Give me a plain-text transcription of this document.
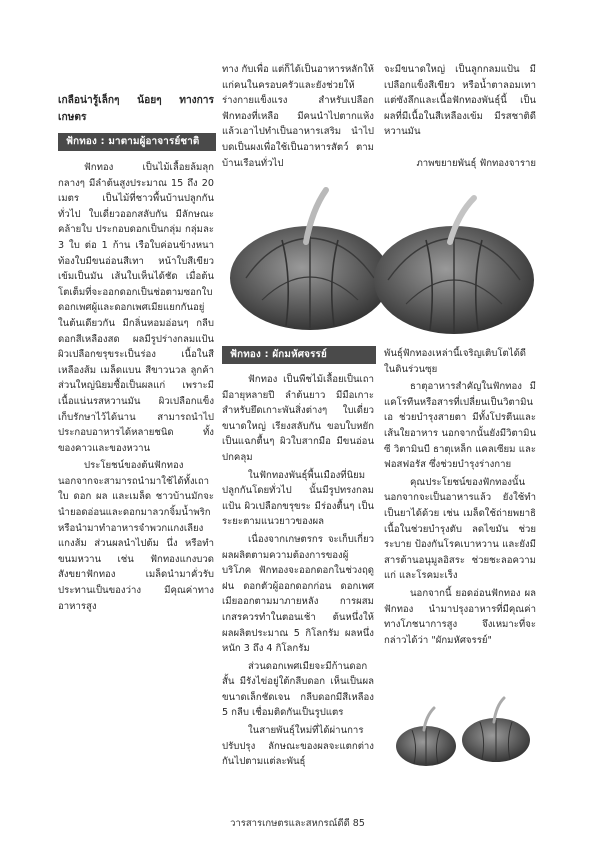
เกลือน่ารู้เล็กๆ น้อยๆ ทางการเกษตร

ฟักทอง : มาตามผู้อาจารย์ชาติ

ฟักทอง เป็นไม้เลื้อยล้มลุก กลางๆ มีลำต้นสูงประมาณ 15 ถึง 20 เมตร เป็นไม้ที่ชาวพื้นบ้านปลูกกันทั่วไป ใบเดี่ยวออกสลับกัน มีลักษณะคล้ายใบ ประกอบดอกเป็นกลุ่ม กลุ่มละ 3 ใบ ต่อ 1 ก้าน เรือใบค่อนข้างหนา ท้องใบมีขนอ่อนสีเทา หน้าใบสีเขียวเข้มเป็นมัน เส้นใบเห็นได้ชัด เมื่อต้นโตเต็มที่จะออกดอกเป็นช่อตามซอกใบ ดอกเพศผู้และดอกเพศเมียแยกกันอยู่ในต้นเดียวกัน มีกลิ่นหอมอ่อนๆ กลีบดอกสีเหลืองสด ผลมีรูปร่างกลมแป้น ผิวเปลือกขรุขระเป็นร่อง เนื้อในสีเหลืองส้ม เมล็ดแบน สีขาวนวล ลูกค้าส่วนใหญ่นิยมซื้อเป็นผลแก่ เพราะมีเนื้อแน่นรสหวานมัน ผิวเปลือกแข็ง เก็บรักษาไว้ได้นาน สามารถนำไปประกอบอาหารได้หลายชนิด ทั้งของคาวและของหวาน

ประโยชน์ของต้นฟักทอง นอกจากจะสามารถนำมาใช้ได้ทั้งเถา ใบ ดอก ผล และเมล็ด ชาวบ้านมักจะนำยอดอ่อนและดอกมาลวกจิ้มน้ำพริก หรือนำมาทำอาหารจำพวกแกงเลียง แกงส้ม ส่วนผลนำไปต้ม นึ่ง หรือทำขนมหวาน เช่น ฟักทองแกงบวด สังขยาฟักทอง เมล็ดนำมาคั่วรับประทานเป็นของว่าง มีคุณค่าทางอาหารสูง

ทาง กับเพื่อ แต่ก็ได้เป็นอาหารหลักให้แก่คนในครอบครัวและยังช่วยให้ร่างกายแข็งแรง สำหรับเปลือกฟักทองที่เหลือ มีคนนำไปตากแห้งแล้วเอาไปทำเป็นอาหารเสริม นำไปบดเป็นผงเพื่อใช้เป็นอาหารสัตว์ ตามบ้านเรือนทั่วไป

จะมีขนาดใหญ่ เป็นลูกกลมแป้น มีเปลือกแข็งสีเขียว หรือน้ำตาลอมเทา แต่ซังลึกและเนื้อฟักทองพันธุ์นี้ เป็นผลที่มีเนื้อในสีเหลืองเข้ม มีรสชาติดี หวานมัน

ภาพขยายพันธุ์ ฟักทองจาราย
ฟักทอง : ผักมหัศจรรย์

ฟักทอง เป็นพืชไม้เลื้อยเป็นเถา มีอายุหลายปี ลำต้นยาว มีมือเกาะสำหรับยึดเกาะพันสิ่งต่างๆ ใบเดี่ยวขนาดใหญ่ เรียงสลับกัน ขอบใบหยักเป็นแฉกตื้นๆ ผิวใบสากมือ มีขนอ่อนปกคลุม

ในฟักทองพันธุ์พื้นเมืองที่นิยมปลูกกันโดยทั่วไป นั้นมีรูปทรงกลมแป้น ผิวเปลือกขรุขระ มีร่องตื้นๆ เป็นระยะตามแนวยาวของผล

เนื่องจากเกษตรกร จะเก็บเกี่ยวผลผลิตตามความต้องการของผู้บริโภค ฟักทองจะออกดอกในช่วงฤดูฝน ดอกตัวผู้ออกดอกก่อน ดอกเพศเมียออกตามมาภายหลัง การผสมเกสรควรทำในตอนเช้า ต้นหนึ่งให้ผลผลิตประมาณ 5 กิโลกรัม ผลหนึ่งหนัก 3 ถึง 4 กิโลกรัม

ส่วนดอกเพศเมียจะมีก้านดอกสั้น มีรังไข่อยู่ใต้กลีบดอก เห็นเป็นผลขนาดเล็กชัดเจน กลีบดอกมีสีเหลือง 5 กลีบ เชื่อมติดกันเป็นรูปแตร

ในสายพันธุ์ใหม่ที่ได้ผ่านการปรับปรุง ลักษณะของผลจะแตกต่างกันไปตามแต่ละพันธุ์

พันธุ์ฟักทองเหล่านี้เจริญเติบโตได้ดีในดินร่วนซุย

ธาตุอาหารสำคัญในฟักทอง มีแคโรทีนหรือสารที่เปลี่ยนเป็นวิตามินเอ ช่วยบำรุงสายตา มีทั้งโปรตีนและเส้นใยอาหาร นอกจากนั้นยังมีวิตามินซี วิตามินบี ธาตุเหล็ก แคลเซียม และฟอสฟอรัส ซึ่งช่วยบำรุงร่างกาย

คุณประโยชน์ของฟักทองนั้นนอกจากจะเป็นอาหารแล้ว ยังใช้ทำเป็นยาได้ด้วย เช่น เมล็ดใช้ถ่ายพยาธิ เนื้อในช่วยบำรุงตับ ลดไขมัน ช่วยระบาย ป้องกันโรคเบาหวาน และยังมีสารต้านอนุมูลอิสระ ช่วยชะลอความแก่ และโรคมะเร็ง

นอกจากนี้ ยอดอ่อนฟักทอง ผลฟักทอง นำมาปรุงอาหารที่มีคุณค่าทางโภชนาการสูง จึงเหมาะที่จะกล่าวได้ว่า "ผักมหัศจรรย์"

วารสารเกษตรและสหกรณ์ดีดี 85
